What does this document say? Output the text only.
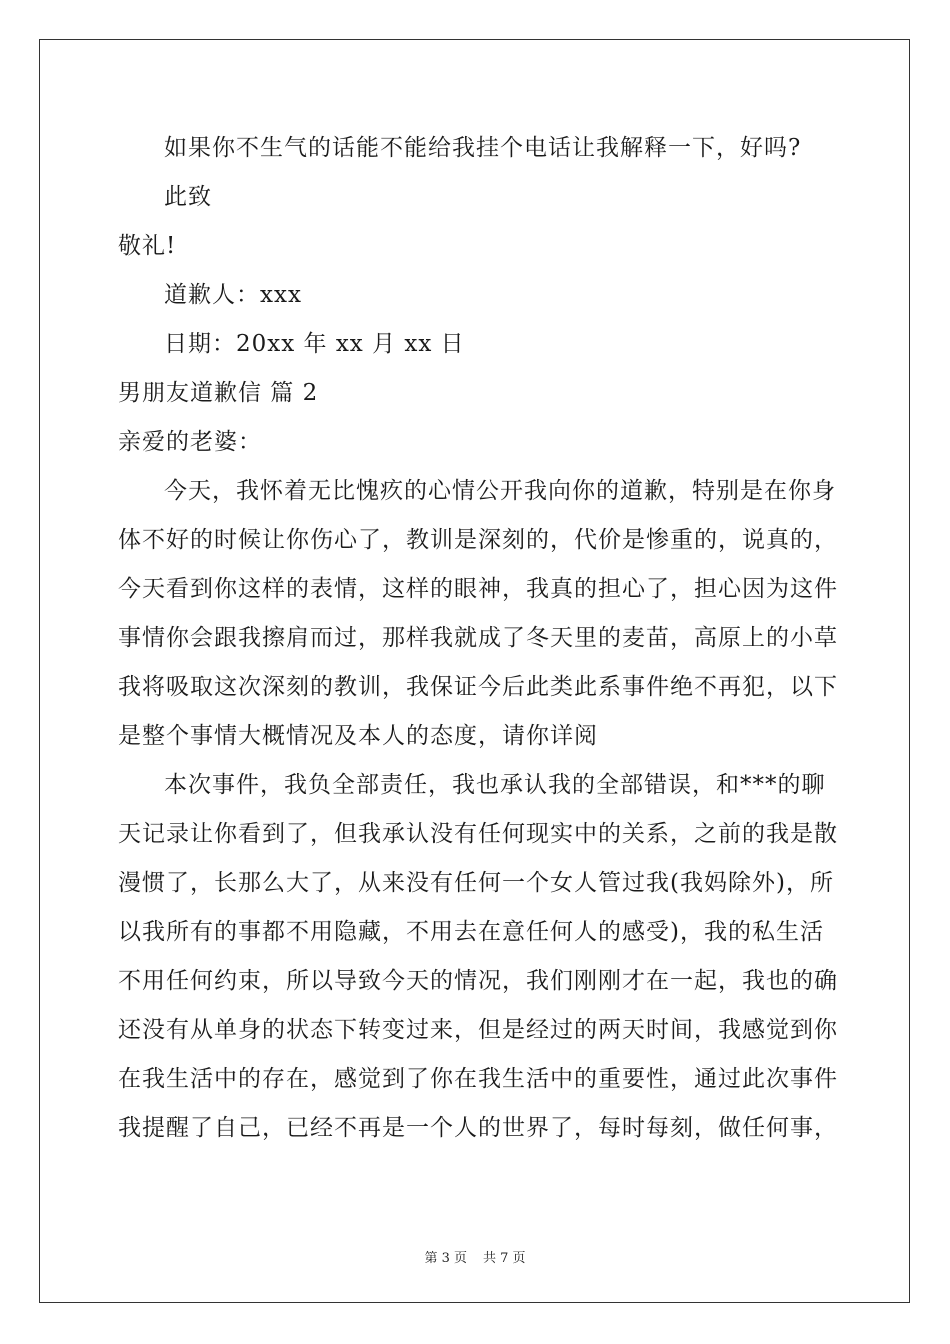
如果你不生气的话能不能给我挂个电话让我解释一下，好吗?
此致
敬礼!
道歉人：xxx
日期：20xx 年 xx 月 xx 日
男朋友道歉信 篇 2
亲爱的老婆：
今天，我怀着无比愧疚的心情公开我向你的道歉，特别是在你身
体不好的时候让你伤心了，教训是深刻的，代价是惨重的，说真的，
今天看到你这样的表情，这样的眼神，我真的担心了，担心因为这件
事情你会跟我擦肩而过，那样我就成了冬天里的麦苗，高原上的小草
我将吸取这次深刻的教训，我保证今后此类此系事件绝不再犯，以下
是整个事情大概情况及本人的态度，请你详阅
本次事件，我负全部责任，我也承认我的全部错误，和***的聊
天记录让你看到了，但我承认没有任何现实中的关系，之前的我是散
漫惯了，长那么大了，从来没有任何一个女人管过我(我妈除外)，所
以我所有的事都不用隐藏，不用去在意任何人的感受)，我的私生活
不用任何约束，所以导致今天的情况，我们刚刚才在一起，我也的确
还没有从单身的状态下转变过来，但是经过的两天时间，我感觉到你
在我生活中的存在，感觉到了你在我生活中的重要性，通过此次事件
我提醒了自己，已经不再是一个人的世界了，每时每刻，做任何事，
第 3 页 共 7 页
